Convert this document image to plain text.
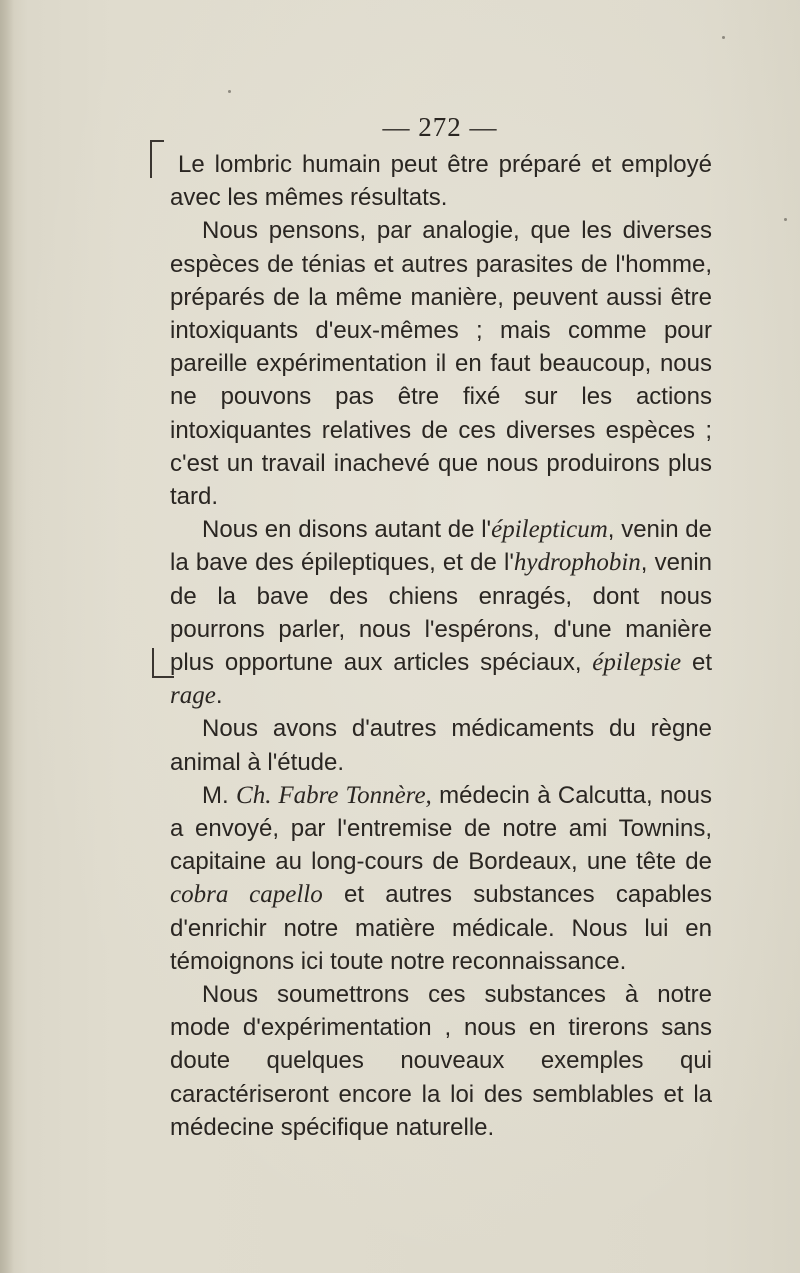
— 272 —

Le lombric humain peut être préparé et employé avec les mêmes résultats.

Nous pensons, par analogie, que les diverses espèces de ténias et autres parasites de l'homme, préparés de la même manière, peuvent aussi être intoxiquants d'eux-mêmes ; mais comme pour pareille expérimentation il en faut beaucoup, nous ne pouvons pas être fixé sur les actions intoxiquantes relatives de ces diverses espèces ; c'est un travail inachevé que nous produirons plus tard.

Nous en disons autant de l'épilepticum, venin de la bave des épileptiques, et de l'hydrophobin, venin de la bave des chiens enragés, dont nous pourrons parler, nous l'espérons, d'une manière plus opportune aux articles spéciaux, épilepsie et rage.

Nous avons d'autres médicaments du règne animal à l'étude.

M. Ch. Fabre Tonnère, médecin à Calcutta, nous a envoyé, par l'entremise de notre ami Townins, capitaine au long-cours de Bordeaux, une tête de cobra capello et autres substances capables d'enrichir notre matière médicale. Nous lui en témoignons ici toute notre reconnaissance.

Nous soumettrons ces substances à notre mode d'expérimentation , nous en tirerons sans doute quelques nouveaux exemples qui caractériseront encore la loi des semblables et la médecine spécifique naturelle.
